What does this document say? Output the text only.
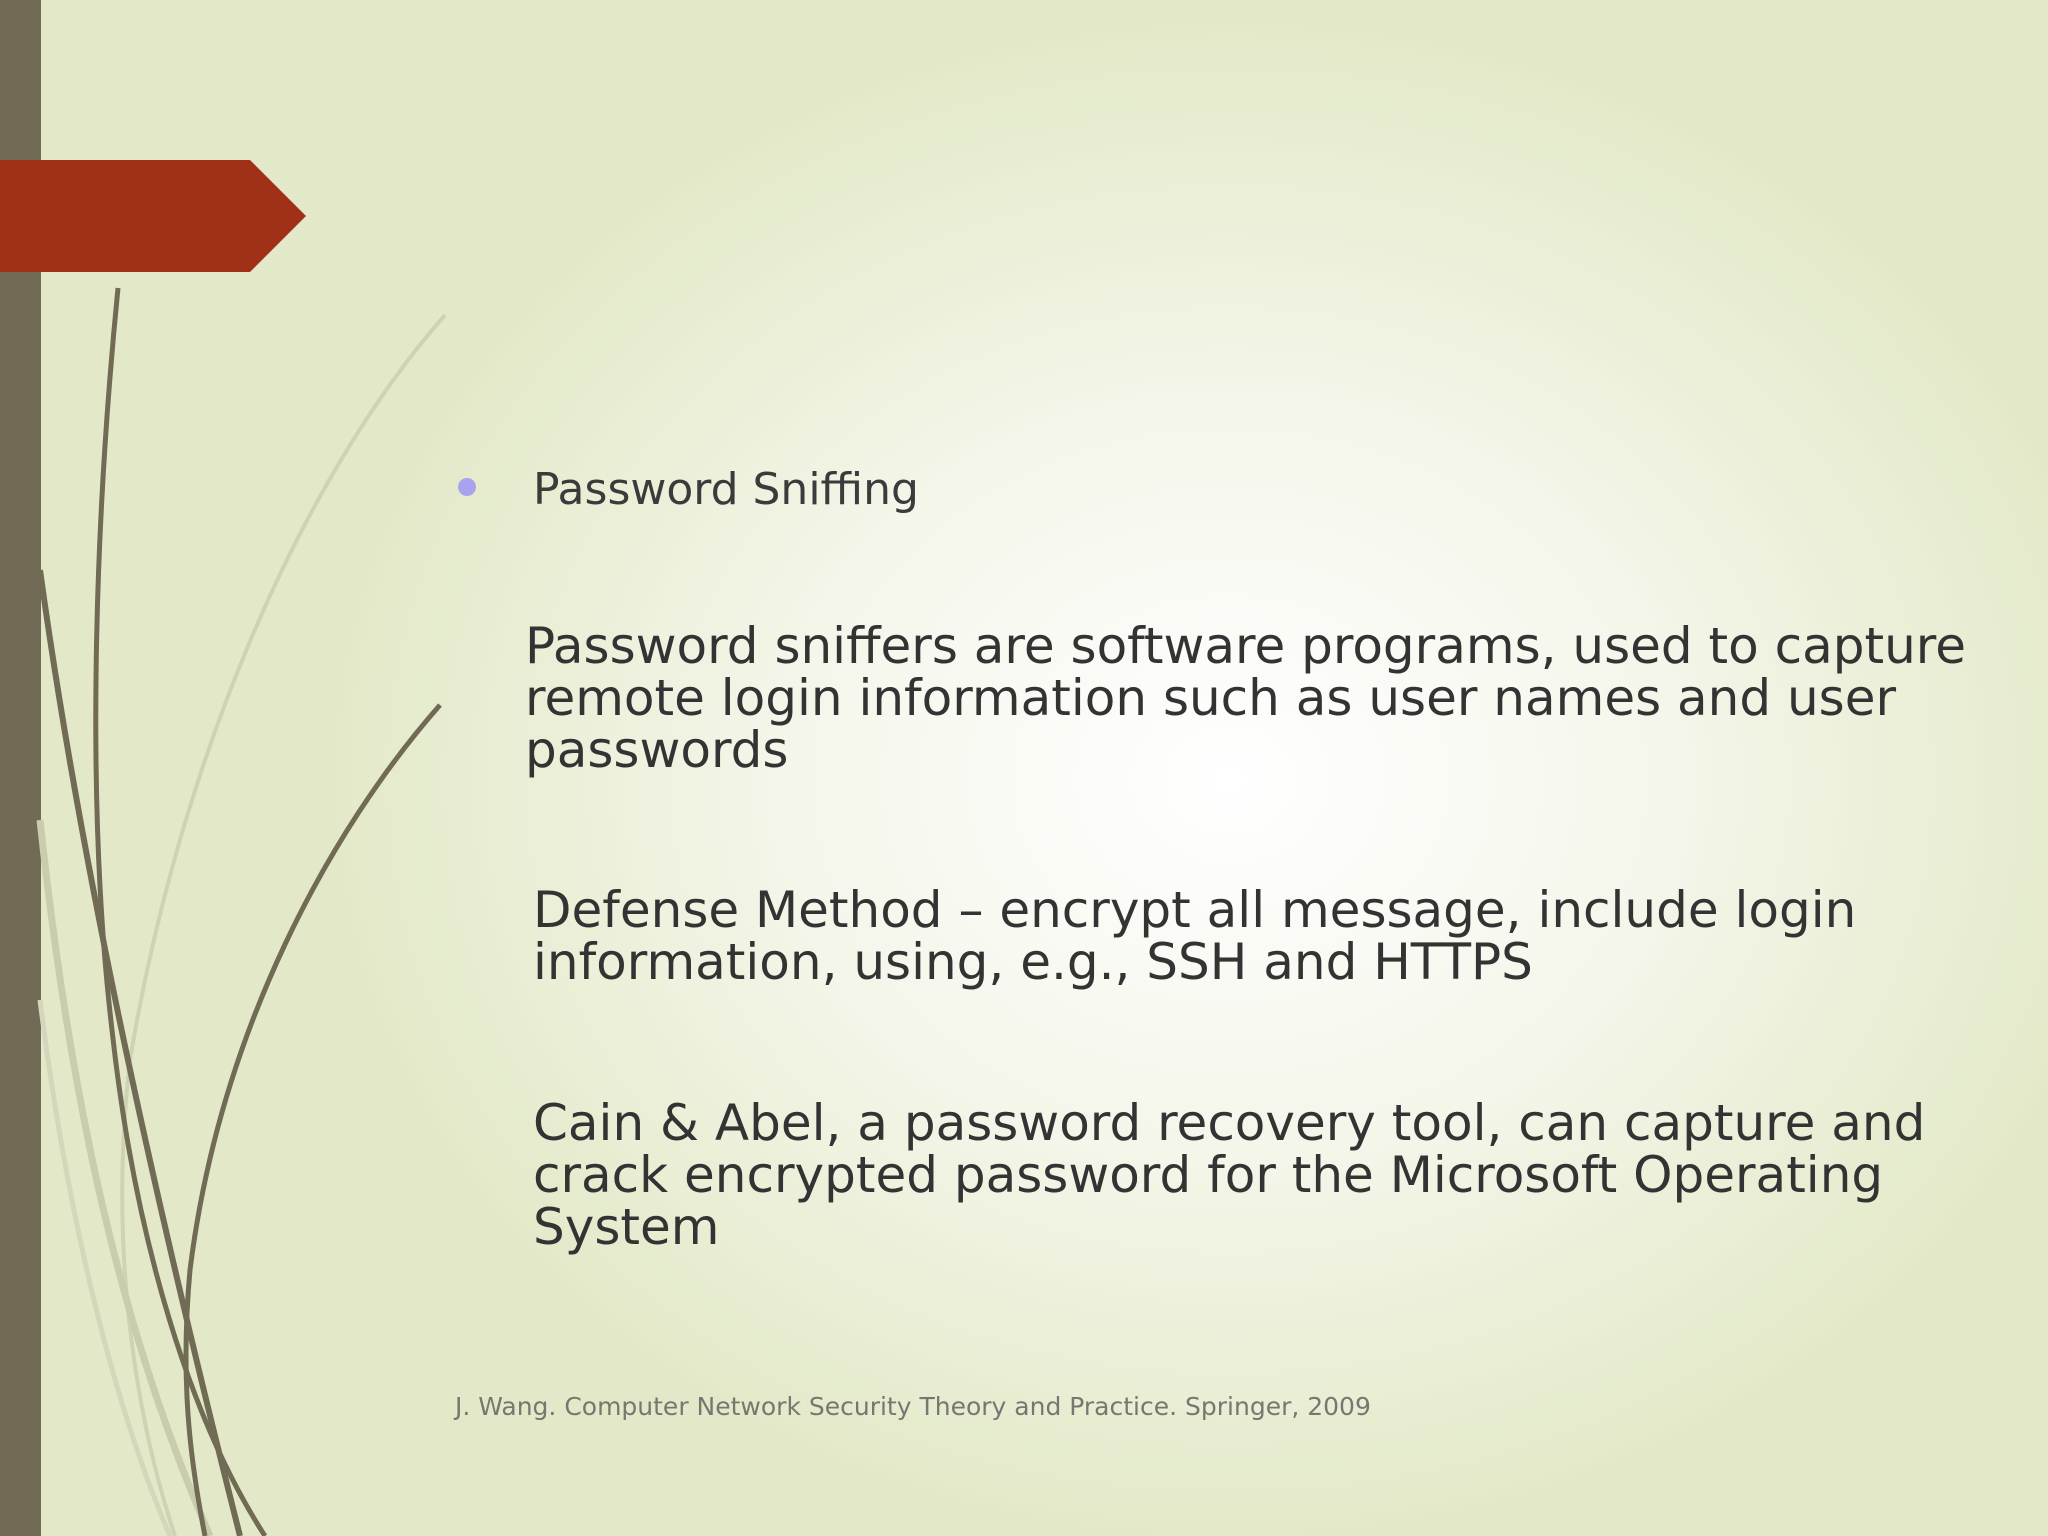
Password Sniffing
Password sniffers are software programs, used to capture remote login information such as user names and user passwords
Defense Method – encrypt all message, include login information, using, e.g., SSH and HTTPS
Cain & Abel, a password recovery tool, can capture and crack encrypted password for the Microsoft Operating System
J. Wang. Computer Network Security Theory and Practice. Springer, 2009
